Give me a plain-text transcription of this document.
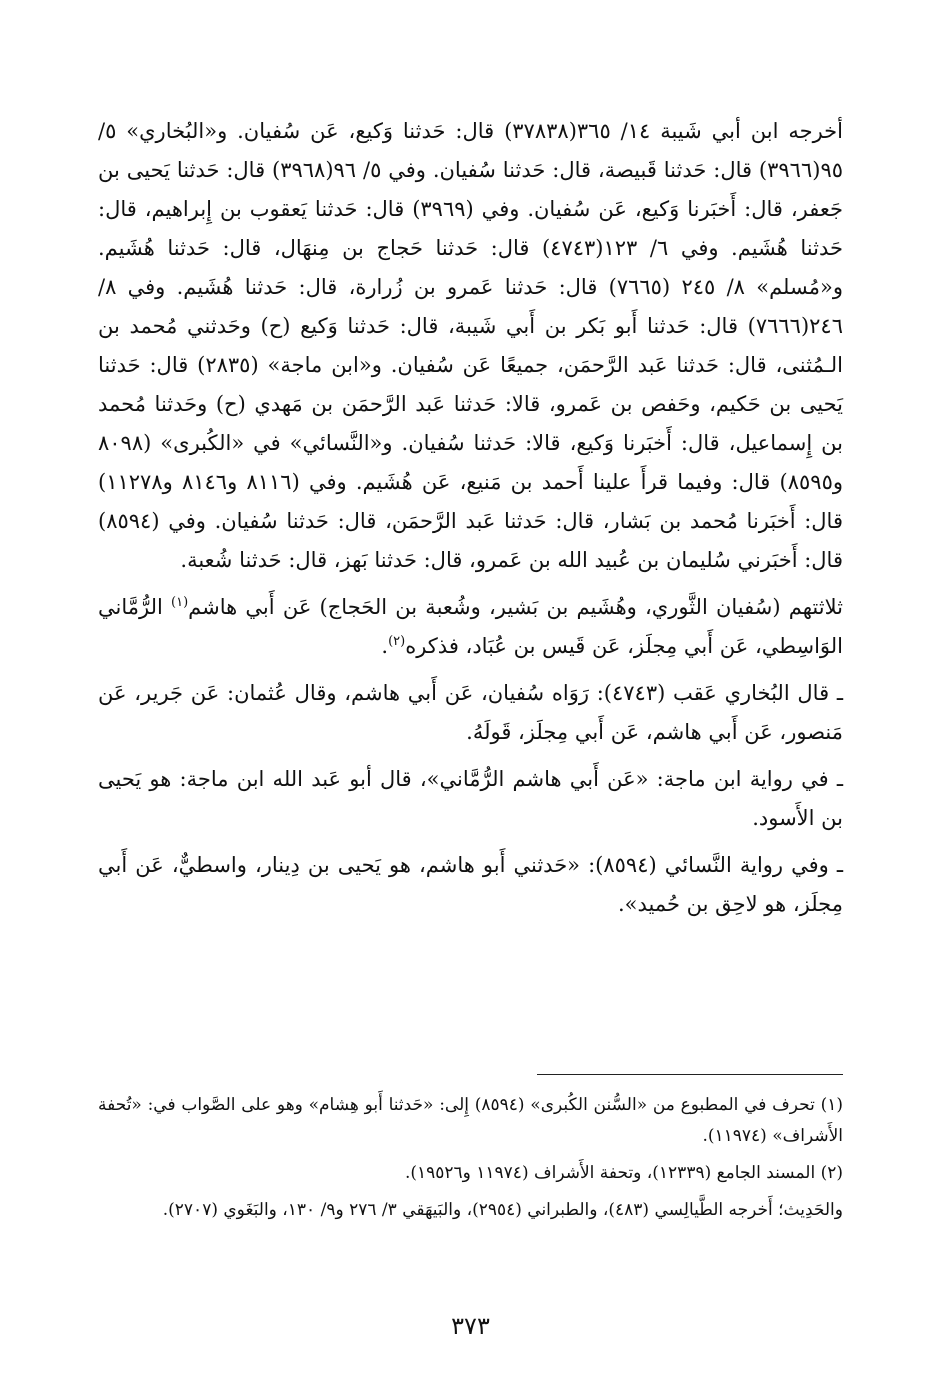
أخرجه ابن أبي شَيبة ١٤/ ٣٦٥(٣٧٨٣٨) قال: حَدثنا وَكيع، عَن سُفيان. و«البُخاري» ٥/ ٩٥(٣٩٦٦) قال: حَدثنا قَبيصة، قال: حَدثنا سُفيان. وفي ٥/ ٩٦(٣٩٦٨) قال: حَدثنا يَحيى بن جَعفر، قال: أَخبَرنا وَكيع، عَن سُفيان. وفي (٣٩٦٩) قال: حَدثنا يَعقوب بن إِبراهيم، قال: حَدثنا هُشَيم. وفي ٦/ ١٢٣(٤٧٤٣) قال: حَدثنا حَجاج بن مِنهَال، قال: حَدثنا هُشَيم. و«مُسلم» ٨/ ٢٤٥ (٧٦٦٥) قال: حَدثنا عَمرو بن زُرارة، قال: حَدثنا هُشَيم. وفي ٨/ ٢٤٦(٧٦٦٦) قال: حَدثنا أَبو بَكر بن أَبي شَيبة، قال: حَدثنا وَكيع (ح) وحَدثني مُحمد بن الـمُثنى، قال: حَدثنا عَبد الرَّحمَن، جميعًا عَن سُفيان. و«ابن ماجة» (٢٨٣٥) قال: حَدثنا يَحيى بن حَكيم، وحَفص بن عَمرو، قالا: حَدثنا عَبد الرَّحمَن بن مَهدي (ح) وحَدثنا مُحمد بن إِسماعيل، قال: أَخبَرنا وَكيع، قالا: حَدثنا سُفيان. و«النَّسائي» في «الكُبرى» (٨٠٩٨ و٨٥٩٥) قال: وفيما قرأَ علينا أَحمد بن مَنيع، عَن هُشَيم. وفي (٨١١٦ و٨١٤٦ و١١٢٧٨) قال: أَخبَرنا مُحمد بن بَشار، قال: حَدثنا عَبد الرَّحمَن، قال: حَدثنا سُفيان. وفي (٨٥٩٤) قال: أَخبَرني سُليمان بن عُبيد الله بن عَمرو، قال: حَدثنا بَهز، قال: حَدثنا شُعبة.

ثلاثتهم (سُفيان الثَّوري، وهُشَيم بن بَشير، وشُعبة بن الحَجاج) عَن أَبي هاشم$^{(١)}$ الرُّمَّاني الوَاسِطي، عَن أَبي مِجلَز، عَن قَيس بن عُبَاد، فذكره$^{(٢)}$.

ـ قال البُخاري عَقب (٤٧٤٣): رَوَاه سُفيان، عَن أَبي هاشم، وقال عُثمان: عَن جَرير، عَن مَنصور، عَن أَبي هاشم، عَن أَبي مِجلَز، قَولَهُ.

ـ في رواية ابن ماجة: «عَن أَبي هاشم الرُّمَّاني»، قال أبو عَبد الله ابن ماجة: هو يَحيى بن الأَسود.

ـ وفي رواية النَّسائي (٨٥٩٤): «حَدثني أَبو هاشم، هو يَحيى بن دِينار، واسطيٌّ، عَن أَبي مِجلَز، هو لاحِق بن حُميد».

(١) تحرف في المطبوع من «السُّنن الكُبرى» (٨٥٩٤) إِلى: «حَدثنا أَبو هِشام» وهو على الصَّواب في: «تُحفة الأَشراف» (١١٩٧٤).

(٢) المسند الجامع (١٢٣٣٩)، وتحفة الأَشراف (١١٩٧٤ و١٩٥٢٦).

والحَدِيث؛ أَخرجه الطَّيالِسي (٤٨٣)، والطبراني (٢٩٥٤)، والبَيهَقي ٣/ ٢٧٦ و٩/ ١٣٠، والبَغَوي (٢٧٠٧).

٣٧٣
